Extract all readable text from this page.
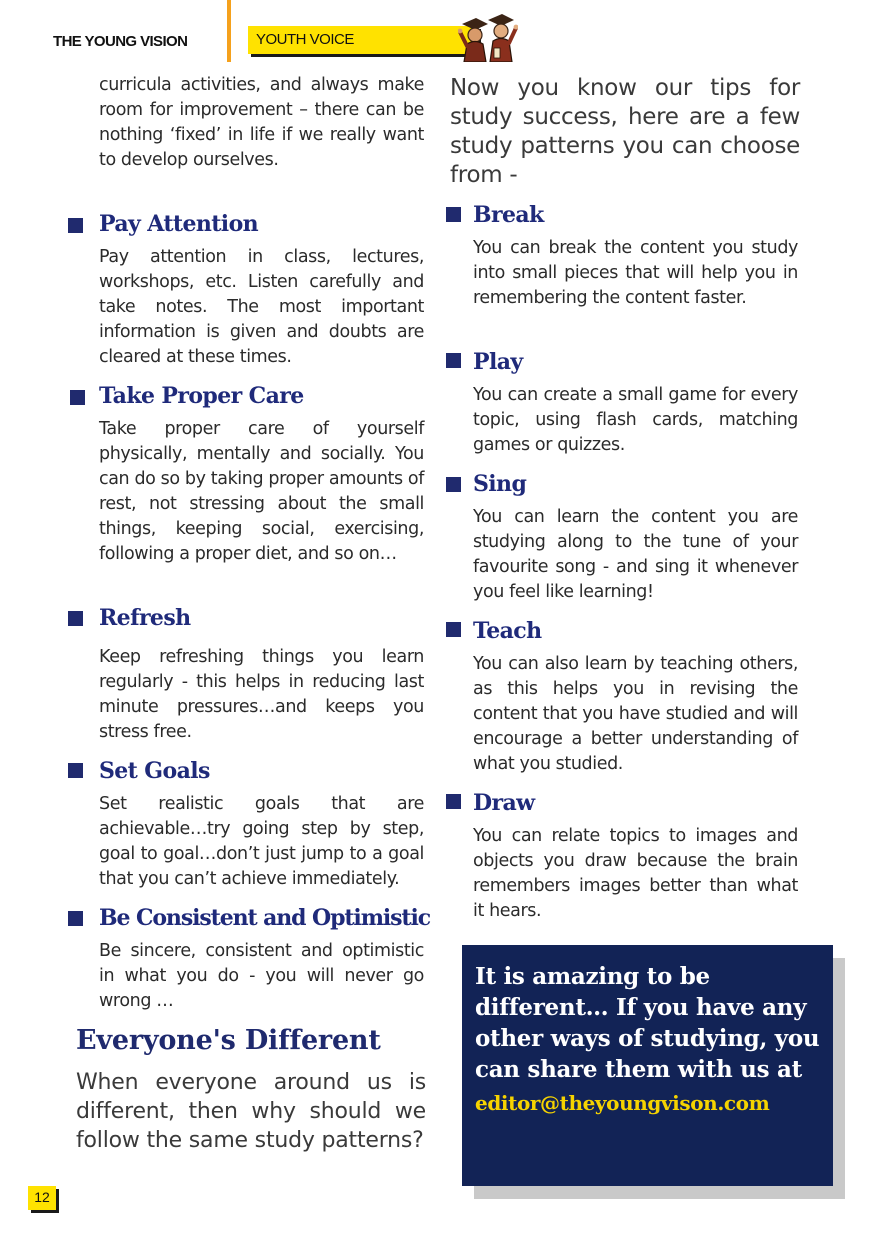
THE YOUNG VISION	YOUTH VOICE
curricula activities, and always make room for improvement – there can be nothing ‘fixed’ in life if we really want to develop ourselves.
Pay Attention
Pay attention in class, lectures, workshops, etc. Listen carefully and take notes. The most important information is given and doubts are cleared at these times.
Take Proper Care
Take proper care of yourself physically, mentally and socially. You can do so by taking proper amounts of rest, not stressing about the small things, keeping social, exercising, following a proper diet, and so on…
Refresh
Keep refreshing things you learn regularly - this helps in reducing last minute pressures…and keeps you stress free.
Set Goals
Set realistic goals that are achievable…try going step by step, goal to goal…don’t just jump to a goal that you can’t achieve immediately.
Be Consistent and Optimistic
Be sincere, consistent and optimistic in what you do - you will never go wrong …
Everyone's Different
When everyone around us is different, then why should we follow the same study patterns?
Now you know our tips for study success, here are a few study patterns you can choose from -
Break
You can break the content you study into small pieces that will help you in remembering the content faster.
Play
You can create a small game for every topic, using flash cards, matching games or quizzes.
Sing
You can learn the content you are studying along to the tune of your favourite song - and sing it whenever you feel like learning!
Teach
You can also learn by teaching others, as this helps you in revising the content that you have studied and will encourage a better understanding of what you studied.
Draw
You can relate topics to images and objects you draw because the brain remembers images better than what it hears.
It is amazing to be different… If you have any other ways of studying, you can share them with us at
editor@theyoungvison.com
12
